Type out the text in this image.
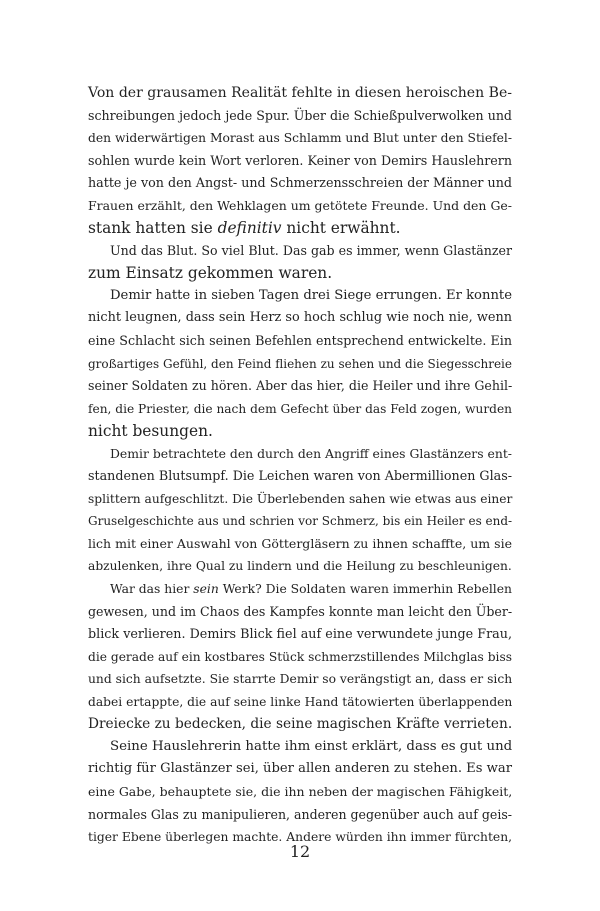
Von der grausamen Realität fehlte in diesen heroischen Be-
schreibungen jedoch jede Spur. Über die Schießpulverwolken und
den widerwärtigen Morast aus Schlamm und Blut unter den Stiefel-
sohlen wurde kein Wort verloren. Keiner von Demirs Hauslehrern
hatte je von den Angst- und Schmerzensschreien der Männer und
Frauen erzählt, den Wehklagen um getötete Freunde. Und den Ge-
stank hatten sie definitiv nicht erwähnt.
Und das Blut. So viel Blut. Das gab es immer, wenn Glastänzer
zum Einsatz gekommen waren.
Demir hatte in sieben Tagen drei Siege errungen. Er konnte
nicht leugnen, dass sein Herz so hoch schlug wie noch nie, wenn
eine Schlacht sich seinen Befehlen entsprechend entwickelte. Ein
großartiges Gefühl, den Feind fliehen zu sehen und die Siegesschreie
seiner Soldaten zu hören. Aber das hier, die Heiler und ihre Gehil-
fen, die Priester, die nach dem Gefecht über das Feld zogen, wurden
nicht besungen.
Demir betrachtete den durch den Angriff eines Glastänzers ent-
standenen Blutsumpf. Die Leichen waren von Abermillionen Glas-
splittern aufgeschlitzt. Die Überlebenden sahen wie etwas aus einer
Gruselgeschichte aus und schrien vor Schmerz, bis ein Heiler es end-
lich mit einer Auswahl von Göttergläsern zu ihnen schaffte, um sie
abzulenken, ihre Qual zu lindern und die Heilung zu beschleunigen.
War das hier sein Werk? Die Soldaten waren immerhin Rebellen
gewesen, und im Chaos des Kampfes konnte man leicht den Über-
blick verlieren. Demirs Blick fiel auf eine verwundete junge Frau,
die gerade auf ein kostbares Stück schmerzstillendes Milchglas biss
und sich aufsetzte. Sie starrte Demir so verängstigt an, dass er sich
dabei ertappte, die auf seine linke Hand tätowierten überlappenden
Dreiecke zu bedecken, die seine magischen Kräfte verrieten.
Seine Hauslehrerin hatte ihm einst erklärt, dass es gut und
richtig für Glastänzer sei, über allen anderen zu stehen. Es war
eine Gabe, behauptete sie, die ihn neben der magischen Fähigkeit,
normales Glas zu manipulieren, anderen gegenüber auch auf geis-
tiger Ebene überlegen machte. Andere würden ihn immer fürchten,
12
